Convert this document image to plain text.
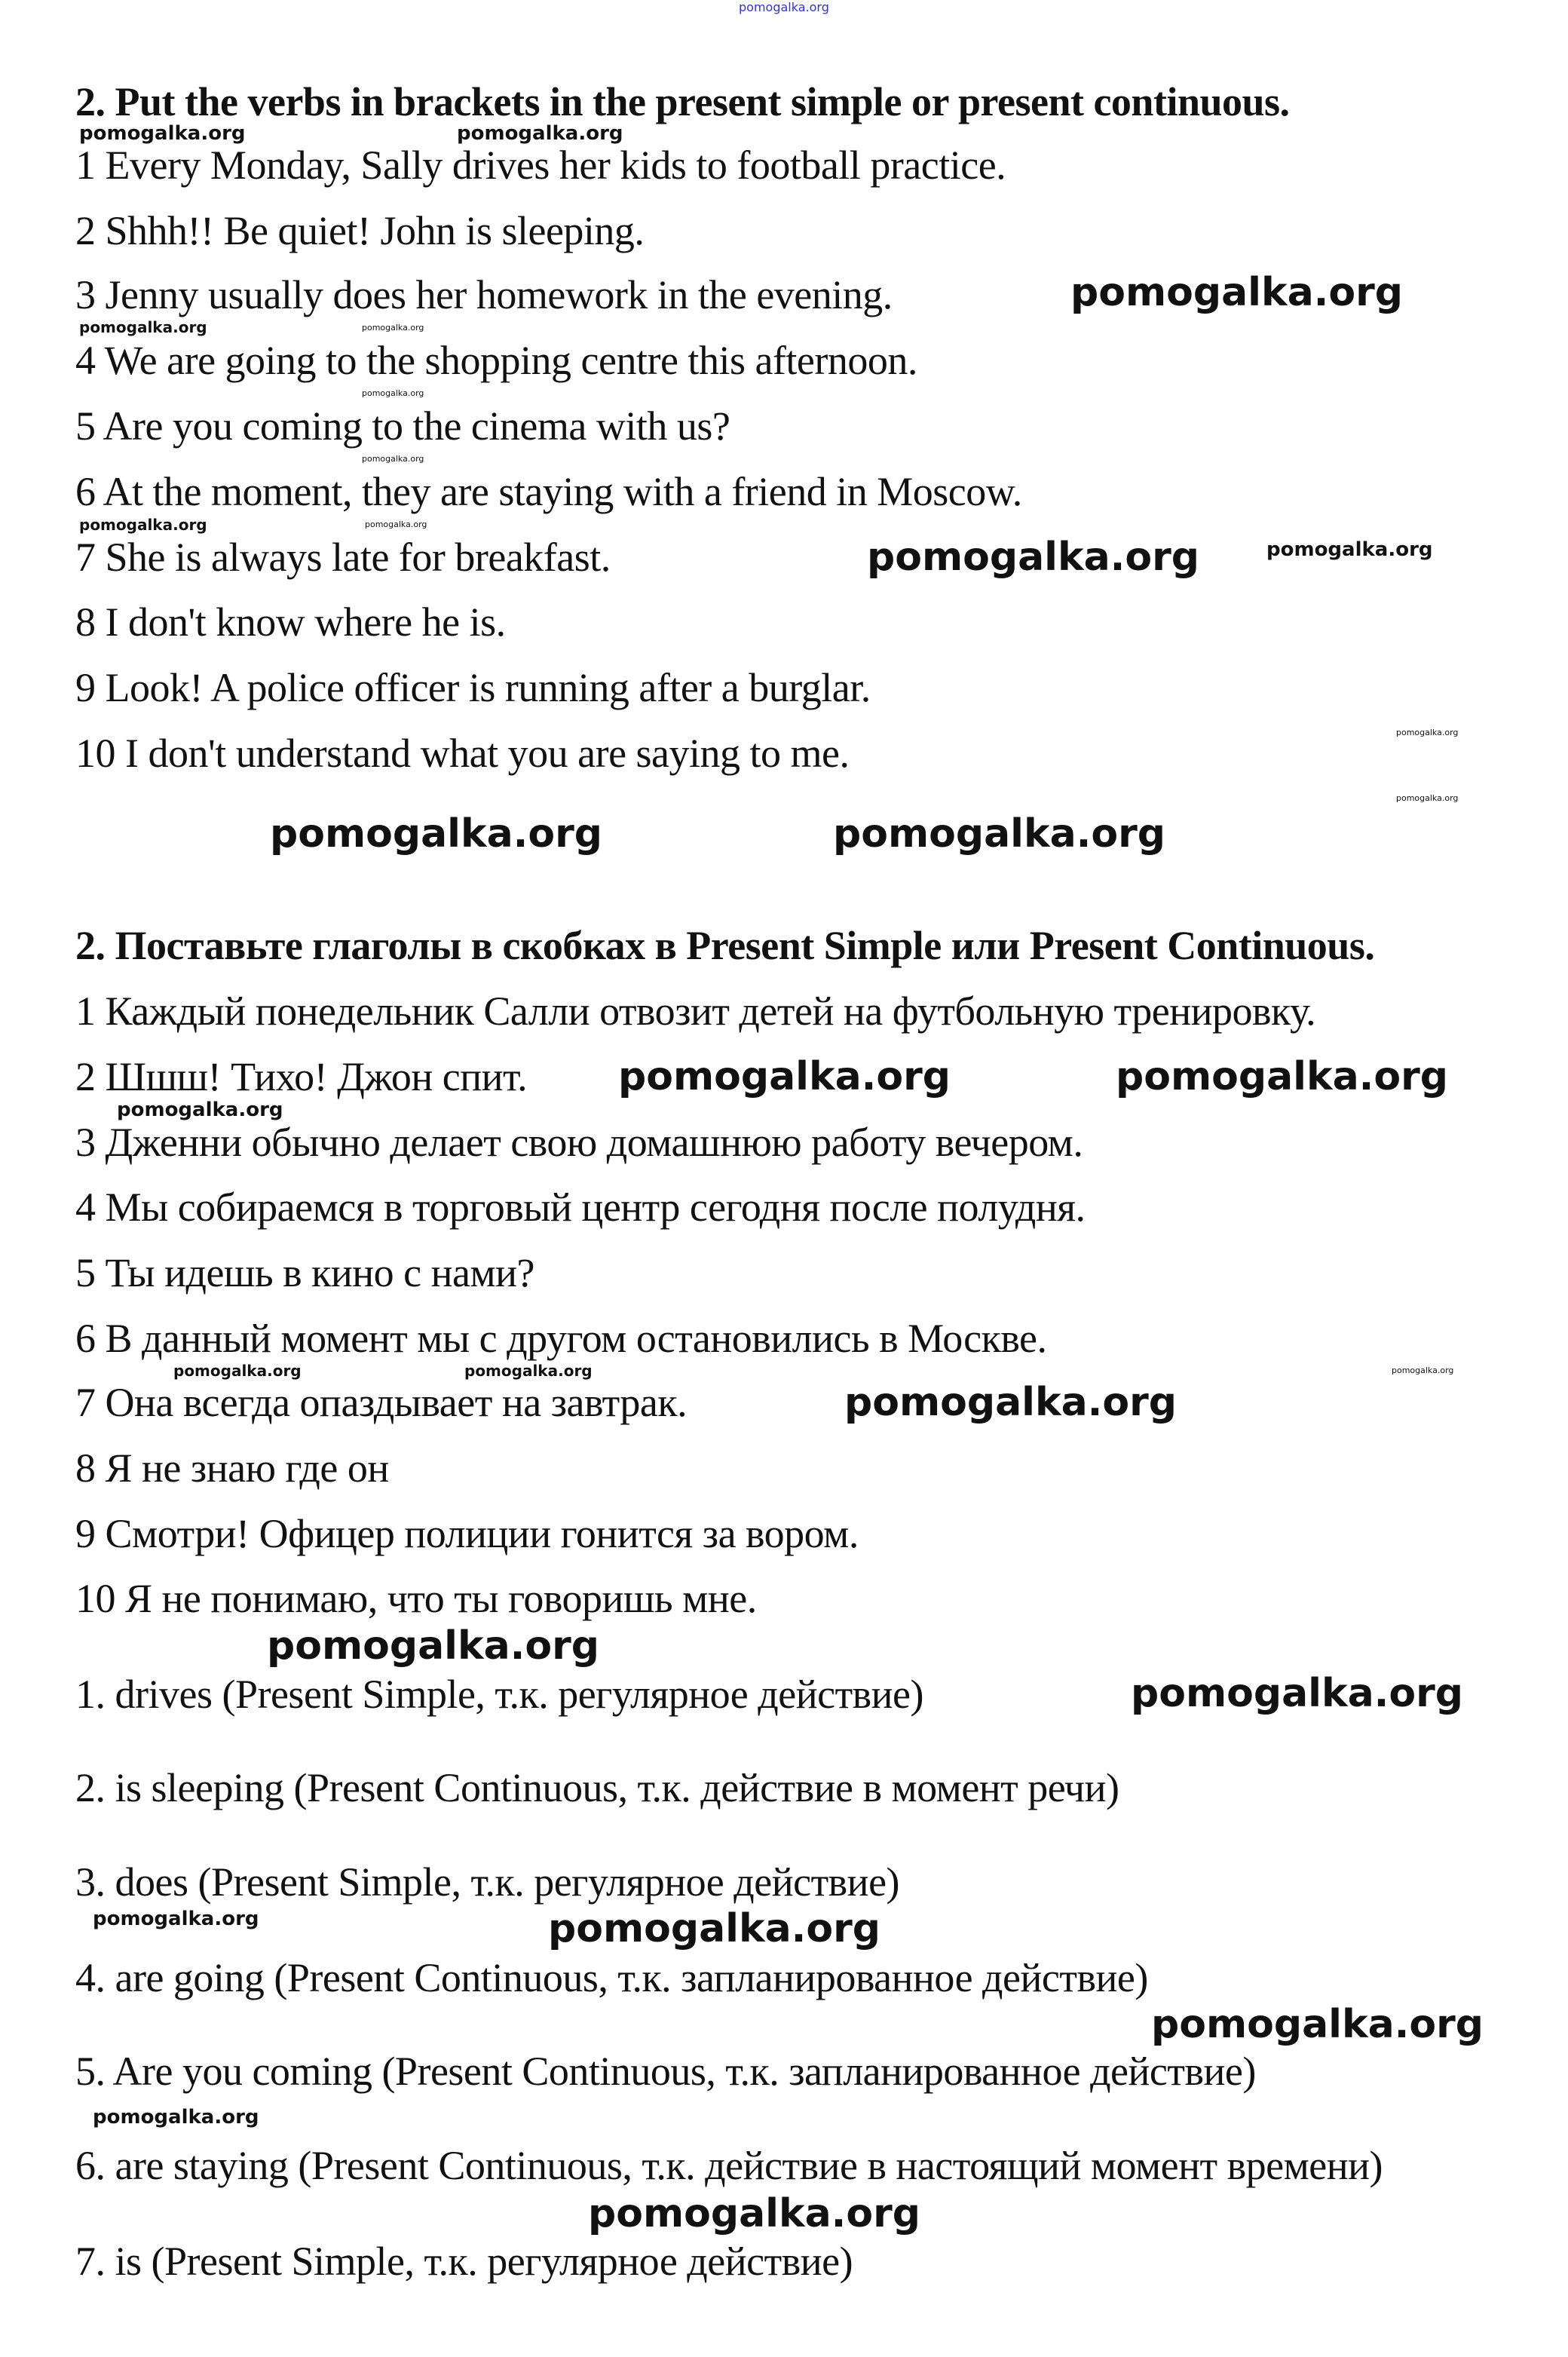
2. Put the verbs in brackets in the present simple or present continuous.
1 Every Monday, Sally drives her kids to football practice.
2 Shhh!! Be quiet! John is sleeping.
3 Jenny usually does her homework in the evening.
4 We are going to the shopping centre this afternoon.
5 Are you coming to the cinema with us?
6 At the moment, they are staying with a friend in Moscow.
7 She is always late for breakfast.
8 I don't know where he is.
9 Look! A police officer is running after a burglar.
10 I don't understand what you are saying to me.
2. Поставьте глаголы в скобках в Present Simple или Present Continuous.
1 Каждый понедельник Салли отвозит детей на футбольную тренировку.
2 Шшш! Тихо! Джон спит.
3 Дженни обычно делает свою домашнюю работу вечером.
4 Мы собираемся в торговый центр сегодня после полудня.
5 Ты идешь в кино с нами?
6 В данный момент мы с другом остановились в Москве.
7 Она всегда опаздывает на завтрак.
8 Я не знаю где он
9 Смотри! Офицер полиции гонится за вором.
10 Я не понимаю, что ты говоришь мне.
1. drives (Present Simple, т.к. регулярное действие)
2. is sleeping (Present Continuous, т.к. действие в момент речи)
3. does (Present Simple, т.к. регулярное действие)
4. are going (Present Continuous, т.к. запланированное действие)
5. Are you coming (Present Continuous, т.к. запланированное действие)
6. are staying (Present Continuous, т.к. действие в настоящий момент времени)
7. is (Present Simple, т.к. регулярное действие)
pomogalka.org
pomogalka.org	pomogalka.org
pomogalka.org
pomogalka.org	pomogalka.org
pomogalka.org
pomogalka.org
pomogalka.org	pomogalka.org
pomogalka.org	pomogalka.org
pomogalka.org
pomogalka.org
pomogalka.org	pomogalka.org
pomogalka.org
pomogalka.org	pomogalka.org
pomogalka.org	pomogalka.org	pomogalka.org
pomogalka.org
pomogalka.org
pomogalka.org
pomogalka.org	pomogalka.org
pomogalka.org
pomogalka.org
pomogalka.org
